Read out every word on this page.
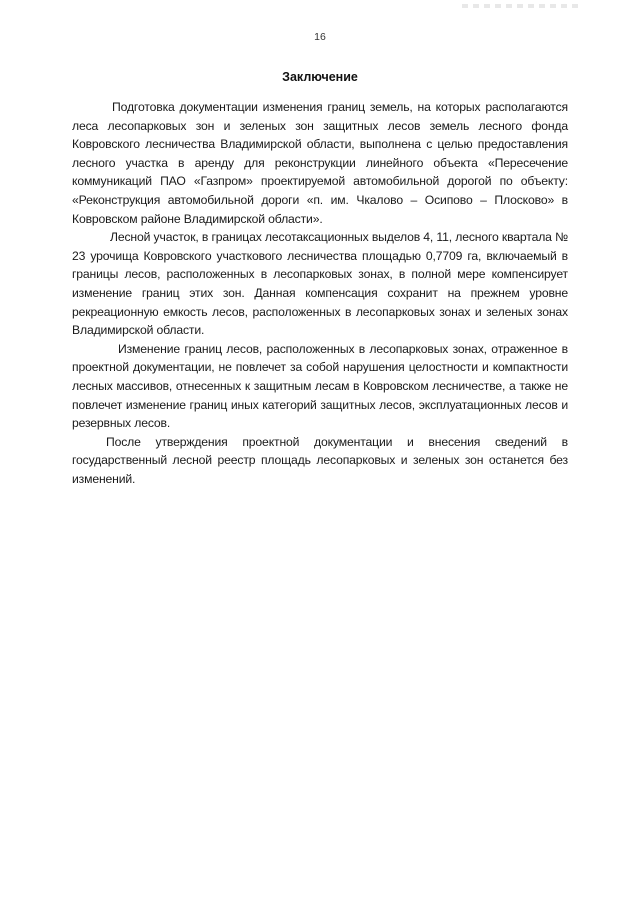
16
Заключение

Подготовка документации изменения границ земель, на которых располагаются леса лесопарковых зон и зеленых зон защитных лесов земель лесного фонда Ковровского лесничества Владимирской области, выполнена с целью предоставления лесного участка в аренду для реконструкции линейного объекта «Пересечение коммуникаций ПАО «Газпром» проектируемой автомобильной дорогой по объекту: «Реконструкция автомобильной дороги «п. им. Чкалово – Осипово – Плосково» в Ковровском районе Владимирской области».

Лесной участок, в границах лесотаксационных выделов 4, 11, лесного квартала № 23 урочища Ковровского участкового лесничества площадью 0,7709 га, включаемый в границы лесов, расположенных в лесопарковых зонах, в полной мере компенсирует изменение границ этих зон. Данная компенсация сохранит на прежнем уровне рекреационную емкость лесов, расположенных в лесопарковых зонах и зеленых зонах Владимирской области.

Изменение границ лесов, расположенных в лесопарковых зонах, отраженное в проектной документации, не повлечет за собой нарушения целостности и компактности лесных массивов, отнесенных к защитным лесам в Ковровском лесничестве, а также не повлечет изменение границ иных категорий защитных лесов, эксплуатационных лесов и резервных лесов.

После утверждения проектной документации и внесения сведений в государственный лесной реестр площадь лесопарковых и зеленых зон останется без изменений.
